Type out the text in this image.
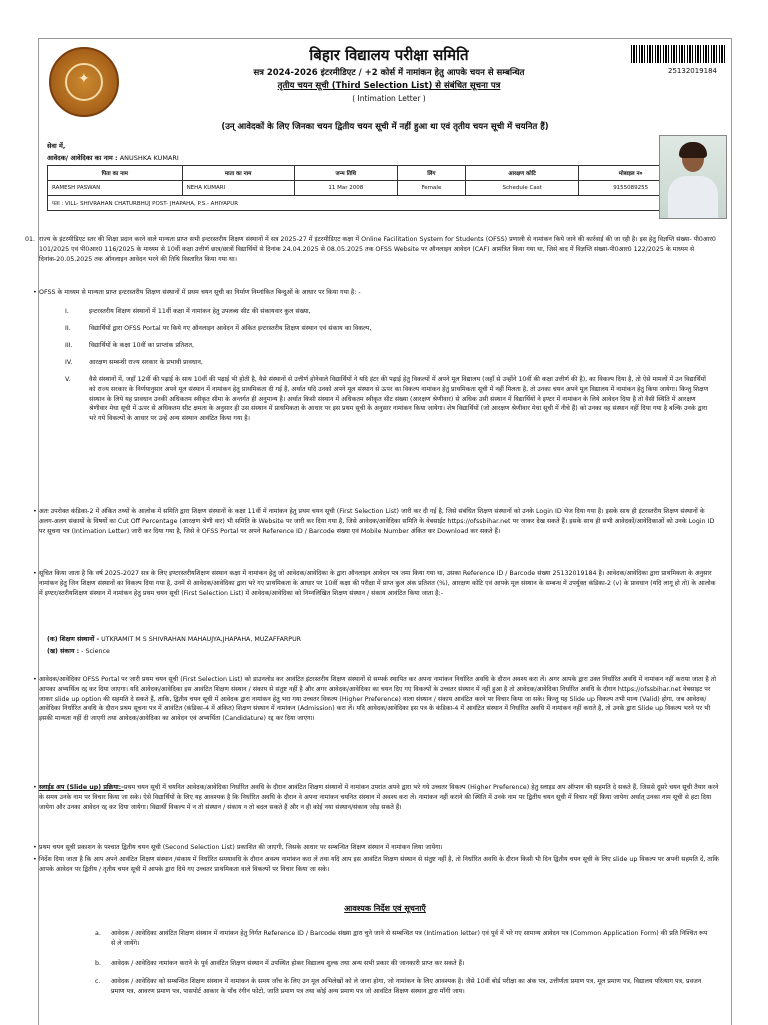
✦
बिहार विद्यालय परीक्षा समिति
सत्र 2024-2026 इंटरमीडिएट / +2 कोर्स में नामांकन हेतु आपके चयन से सम्बन्धित
तृतीय चयन सूची (Third Selection List) से संबंधित सूचना पत्र
( Intimation Letter )
25132019184
(उन् आवेदकों के लिए जिनका चयन द्वितीय चयन सूची में नहीं हुआ था एवं तृतीय चयन सूची में चयनित हैं)
सेवा में,
आवेदक/ आवेदिका का नाम : ANUSHKA KUMARI
पिता का नाम	माता का नाम	जन्म तिथि	लिंग	आरक्षण कोटि	मोबाइल न०
RAMESH PASWAN	NEHA KUMARI	11 Mar 2008	Female	Schedule Cast	9155089255
पता : VILL- SHIVRAHAN CHATURBHUJ POST- JHAPAHA, P.S.- AHIYAPUR					
01. राज्य के इंटरमीडिएट स्तर की शिक्षा प्रदान करने वाले मान्यता प्राप्त सभी इन्टरस्तरीय शिक्षण संस्थानों में सत्र 2025-27 में इंटरमीडिएट कक्षा में Online Facilitation System for Students (OFSS) प्रणाली से नामांकन किये जाने की कार्रवाई की जा रही है। इस हेतु विज्ञप्ति संख्या- पी0आर0 101/2025 एवं पी0आर0 116/2025 के माध्यम से 10वीं कक्षा उत्तीर्ण छात्र/छात्रों विद्यार्थियों से दिनांक 24.04.2025 से 08.05.2025 तक OFSS Website पर ऑनलाइन आवेदन (CAF) आमंत्रित किया गया था, जिसे बाद में विज्ञप्ति संख्या-पी0आर0 122/2025 के माध्यम से दिनांक-20.05.2025 तक ऑनलाइन आवेदन भरने की तिथि विस्तारित किया गया था।
• OFSS के माध्यम से मान्यता प्राप्त इन्टरस्तरीय शिक्षण संस्थानों में प्रथम चयन सूची का निर्माण निम्नांकित बिन्दुओं के आधार पर किया गया है: -
I.	इन्टरस्तरीय शिक्षण संस्थानों में 11वीं कक्षा में नामांकन हेतु उपलब्ध सीट की संकायवार कुल संख्या,
II.	विद्यार्थियों द्वारा OFSS Portal पर किये गए ऑनलाइन आवेदन में अंकित इन्टरस्तरीय शिक्षण संस्थान एवं संकाय का विकल्प,
III.	विद्यार्थियों के कक्षा 10वीं का प्राप्तांक प्रतिशत,
IV.	आरक्षण सम्बन्धी राज्य सरकार के प्रभावी प्रावधान,
V.	वैसे संस्थानों में, जहाँ 12वीं की पढ़ाई के साथ 10वीं की पढ़ाई भी होती है, वैसे संस्थानों से उत्तीर्ण होनेवाले विद्यार्थियों ने यदि इंटर की पढ़ाई हेतु विकल्पों में अपने मूल विद्यालय (जहाँ से उन्होंने 10वीं की कक्षा उत्तीर्ण की है), का विकल्प दिया है, तो ऐसे मामलों में उन विद्यार्थियों को राज्य सरकार के निर्णयानुसार अपने मूल संस्थान में नामांकन हेतु प्राथमिकता दी गई है, अर्थात यदि उनको अपने मूल संस्थान से ऊपर का विकल्प नामांकन हेतु प्राथमिकता सूची में नहीं मिलता है, तो उनका चयन अपने मूल विद्यालय में नामांकन हेतु किया जायेगा। किन्तु शिक्षण संस्थान के लिये यह प्रावधान उनकी अधिकतम स्वीकृत सीमा के अन्तर्गत ही अनुमान्य है। अर्थात किसी संस्थान में अधिकतम स्वीकृत सीट संख्या (आरक्षण श्रेणीवार) से अधिक उसी संस्थान में विद्यार्थियों ने इण्टर में नामांकन के लिये आवेदन दिया है तो वैसी स्थिति में आरक्षण श्रेणीवार मेधा सूची में ऊपर से अधिकतम सीट क्षमता के अनुसार ही उस संस्थान में प्राथमिकता के आधार पर इस प्रथम सूची के अनुसार नामांकन किया जायेगा। शेष विद्यार्थियों (जो आरक्षण श्रेणीवार मेधा सूची में नीचे हैं) को उनका वह संस्थान नहीं दिया गया है बल्कि उनके द्वारा भरे गये विकल्पों के आधार पर उन्हें अन्य संस्थान आवंटित किया गया है।
• अतः उपरोक्त कंडिका-2 में अंकित तथ्यों के आलोक में समिति द्वारा शिक्षण संस्थानों के कक्षा 11वीं में नामांकन हेतु प्रथम चयन सूची (First Selection List) जारी कर दी गई है, जिसे संबंधित शिक्षण संस्थानों को उनके Login ID भेज दिया गया है। इसके साथ ही इंटरस्तरीय शिक्षण संस्थानों के अलग-अलग संकायों के विषयों का Cut Off Percentage (आरक्षण श्रेणी वार) भी समिति के Website पर जारी कर दिया गया है, जिसे आवेदक/आवेदिका समिति के वेबसाईट https://ofssbihar.net पर जाकर देख सकते हैं। इसके साथ ही सभी आवेदकों/आवेदिकाओं को उनके Login ID पर सूचना पत्र (Intimation Letter) जारी कर दिया गया है, जिसे वे OFSS Portal पर अपने Reference ID / Barcode संख्या एवं Mobile Number अंकित कर Download कर सकते हैं।
• सूचित किया जाता है कि वर्ष 2025-2027 सत्र के लिए इण्टरस्तरीयशिक्षण संस्थान कक्षा में नामांकन हेतु जो आवेदक/आवेदिका के द्वारा ऑनलाइन आवेदन पत्र जमा किया गया था, उसका Reference ID / Barcode संख्या 25132019184 है। आवेदक/आवेदिका द्वारा प्राथमिकता के अनुसार नामांकन हेतु जिन शिक्षण संस्थानों का विकल्प दिया गया है, उनमें से आवेदक/आवेदिका द्वारा भरे गए प्राथमिकता के आधार पर 10वीं कक्षा की परीक्षा में प्राप्त कुल अंक प्रतिशत (%), आरक्षण कोटि एवं आपके मूल संस्थान के सम्बन्ध में उपर्युक्त कंडिका-2 (v) के प्रावधान (यदि लागू हो तो) के आलोक में इण्टर/स्तरीयशिक्षण संस्थान में नामांकन हेतु प्रथम चयन सूची (First Selection List) में आवेदक/आवेदिका को निम्नलिखित शिक्षण संस्थान / संकाय आवंटित किया जाता है:-
(क) शिक्षण संस्थानों - UTKRAMIT M S SHIVRAHAN MAHAUJYA,JHAPAHA, MUZAFFARPUR
(ख) संकाय : - Science
• आवेदक/आवेदिका OFSS Portal पर जारी प्रथम चयन सूची (First Selection List) को डाउनलोड कर आवंटित इंटरस्तरीय शिक्षण संस्थानों से सम्पर्क स्थापित कर अपना नामांकन निर्धारित अवधि के दौरान अवश्य करा लें। अगर आपके द्वारा उक्त निर्धारित अवधि में नामांकन नहीं कराया जाता है तो आपका अभ्यर्थित्व रद्द कर दिया जाएगा। यदि आवेदक/आवेदिका इस आवंटित शिक्षण संस्थान / संकाय से संतुष्ट नहीं है और अगर आवेदक/आवेदिका का चयन दिए गए विकल्पों के उच्चतर संस्थान में नहीं हुआ है तो आवेदक/आवेदिका निर्धारित अवधि के दौरान https://ofssbihar.net वेबसाइट पर जाकर slide up option की सहमति दे सकते हैं, ताकि, द्वितीय चयन सूची में आवेदक द्वारा नामांकन हेतु भरा गया उच्चतर विकल्प (Higher Preference) वाला संस्थान / संकाय आवंटित करने पर विचार किया जा सके। किन्तु यह Slide up विकल्प तभी मान्य (Valid) होगा, जब आवेदक/आवेदिका निर्धारित अवधि के दौरान प्रथम सूचना पत्र में आवंटित (कंडिका-4 में अंकित) शिक्षण संस्थान में नामांकन (Admission) करा लें। यदि आवेदक/आवेदिका इस पत्र के कंडिका-4 में आवंटित संस्थान में निर्धारित अवधि में नामांकन नहीं कराते है, तो उनके द्वारा Slide up विकल्प भरने पर भी इसकी मान्यता नहीं दी जाएगी तथा आवेदक/आवेदिका का आवेदन एवं अभ्यर्थिता (Candidature) रद्द कर दिया जाएगा।
• स्लाईड अप (Slide up) प्रक्रिया:-प्रथम चयन सूची में चयनित आवेदक/आवेदिका निर्धारित अवधि के दौरान आवंटित शिक्षण संस्थानों में नामांकन उपरांत अपने द्वारा भरे गये उच्चतर विकल्प (Higher Preference) हेतु स्लाइड अप ऑप्शन की सहमति दे सकते हैं, जिससे दूसरे चयन सूची तैयार करने के समय उनके नाम पर विचार किया जा सके। ऐसे विद्यार्थियों के लिए यह आवश्यक है कि निर्धारित अवधि के दौरान वे अपना नामांकन चयनित संस्थान में अवश्य करा लें। नामांकन नहीं कराने की स्थिति में उनके नाम पर द्वितीय चयन सूची में विचार नहीं किया जायेगा अर्थात् उनका नाम सूची से हटा दिया जायेगा और उनका आवेदन रद्द कर दिया जायेगा। विद्यार्थी विकल्प में न तो संस्थान / संकाय न तो बदल सकते हैं और न ही कोई नया संस्थान/संकाय जोड़ सकते हैं।
• प्रथम चयन सूची प्रकाशन के पश्चात द्वितीय चयन सूची (Second Selection List) प्रकाशित की जाएगी, जिसके आधार पर सम्बन्धित शिक्षण संस्थान में नामांकन लिया जायेगा।
• निर्देश दिया जाता है कि आप अपने आवंटित शिक्षण संस्थान /संकाय में निर्धारित समयावधि के दौरान अवश्य नामांकन करा लें तथा यदि आप इस आवंटित शिक्षण संस्थान से संतुष्ट नहीं है, तो निर्धारित अवधि के दौरान किसी भी दिन द्वितीय चयन सूची के लिए slide up विकल्प पर अपनी सहमति दें, ताकि आपके आवेदन पर द्वितीय / तृतीय चयन सूची में आपके द्वारा दिये गए उच्चतर प्राथमिकता वाले विकल्पों पर विचार किया जा सके।
आवश्यक निर्देश एवं सूचनाएँ
a. आवेदक / आवेदिका आवंटित शिक्षण संस्थान में नामांकन हेतु निर्गत Reference ID / Barcode संख्या द्वारा चुने जाने से सम्बन्धित पत्र (Intimation letter) एवं पूर्व में भरे गए सामान्य आवेदन पत्र (Common Application Form) की प्रति निश्चित रूप से ले जायेंगे।
b. आवेदक / आवेदिका नामांकन कराने के पूर्व आवंटित शिक्षण संस्थान में उपस्थित होकर विद्यालय शुल्क तथा अन्य सभी प्रकार की जानकारी प्राप्त कर सकते हैं।
c. आवेदक / आवेदिका को सम्बन्धित शिक्षण संस्थान में नामांकन के समय जाँच के लिए उन मूल अभिलेखों को ले जाना होगा, जो नामांकन के लिए आवश्यक है। जैसे 10वीं बोर्ड परीक्षा का अंक पत्र, उत्तीर्णता प्रमाण पत्र, मूल प्रमाण पत्र, विद्यालय परित्याग पत्र, प्रवजन प्रमाण पत्र, आवरण प्रमाण पत्र, पासपोर्ट आकार के पाँच रंगीन फोटो, जाति प्रमाण पत्र तथा कोई अन्य प्रमाण पत्र जो आवंटित शिक्षण संस्थान द्वारा माँगी जाय।
